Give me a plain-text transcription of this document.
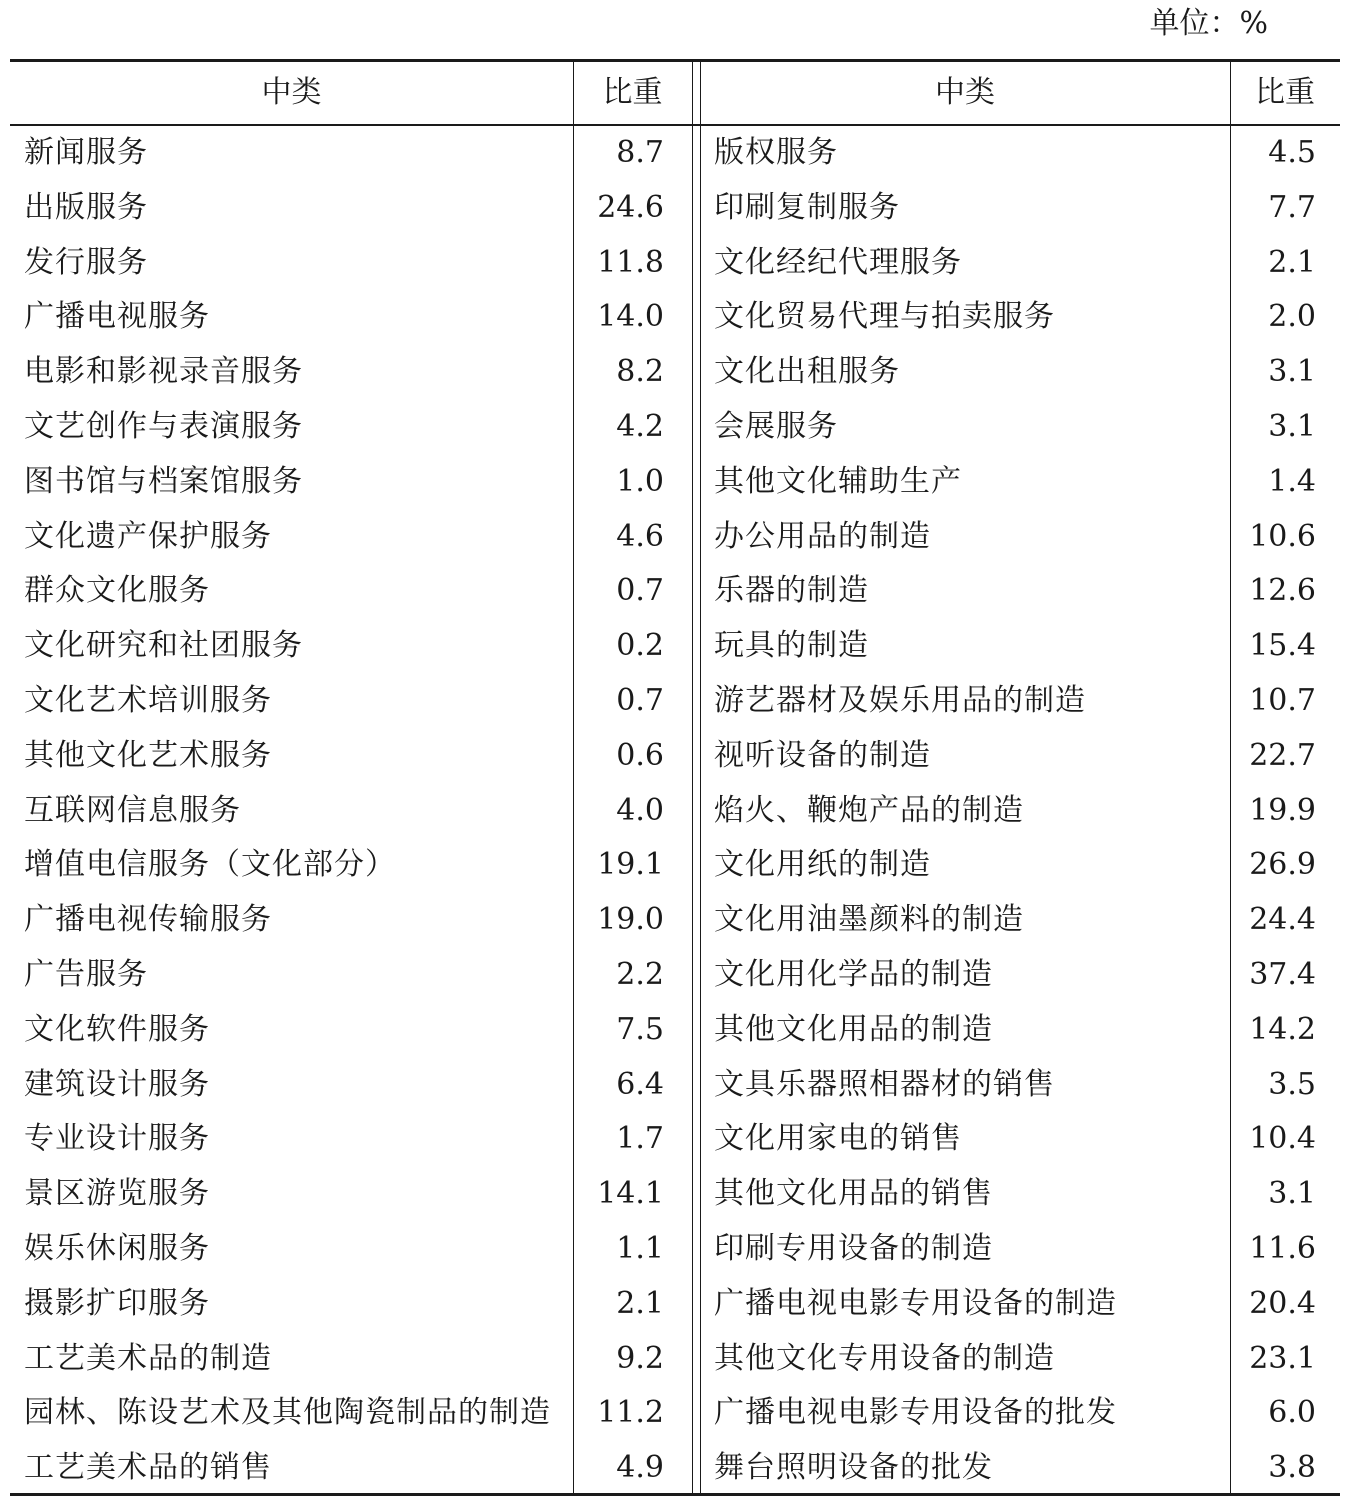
单位：%
中类	比重	中类	比重
新闻服务	8.7 版权服务	4.5
出版服务	24.6 印刷复制服务	7.7
发行服务	11.8 文化经纪代理服务	2.1
广播电视服务	14.0 文化贸易代理与拍卖服务	2.0
电影和影视录音服务	8.2 文化出租服务	3.1
文艺创作与表演服务	4.2 会展服务	3.1
图书馆与档案馆服务	1.0 其他文化辅助生产	1.4
文化遗产保护服务	4.6 办公用品的制造	10.6
群众文化服务	0.7 乐器的制造	12.6
文化研究和社团服务	0.2 玩具的制造	15.4
文化艺术培训服务	0.7 游艺器材及娱乐用品的制造	10.7
其他文化艺术服务	0.6 视听设备的制造	22.7
互联网信息服务	4.0 焰火、鞭炮产品的制造	19.9
增值电信服务（文化部分）	19.1 文化用纸的制造	26.9
广播电视传输服务	19.0 文化用油墨颜料的制造	24.4
广告服务	2.2 文化用化学品的制造	37.4
文化软件服务	7.5 其他文化用品的制造	14.2
建筑设计服务	6.4 文具乐器照相器材的销售	3.5
专业设计服务	1.7 文化用家电的销售	10.4
景区游览服务	14.1 其他文化用品的销售	3.1
娱乐休闲服务	1.1 印刷专用设备的制造	11.6
摄影扩印服务	2.1 广播电视电影专用设备的制造	20.4
工艺美术品的制造	9.2 其他文化专用设备的制造	23.1
园林、陈设艺术及其他陶瓷制品的制造	11.2 广播电视电影专用设备的批发	6.0
工艺美术品的销售	4.9 舞台照明设备的批发	3.8
